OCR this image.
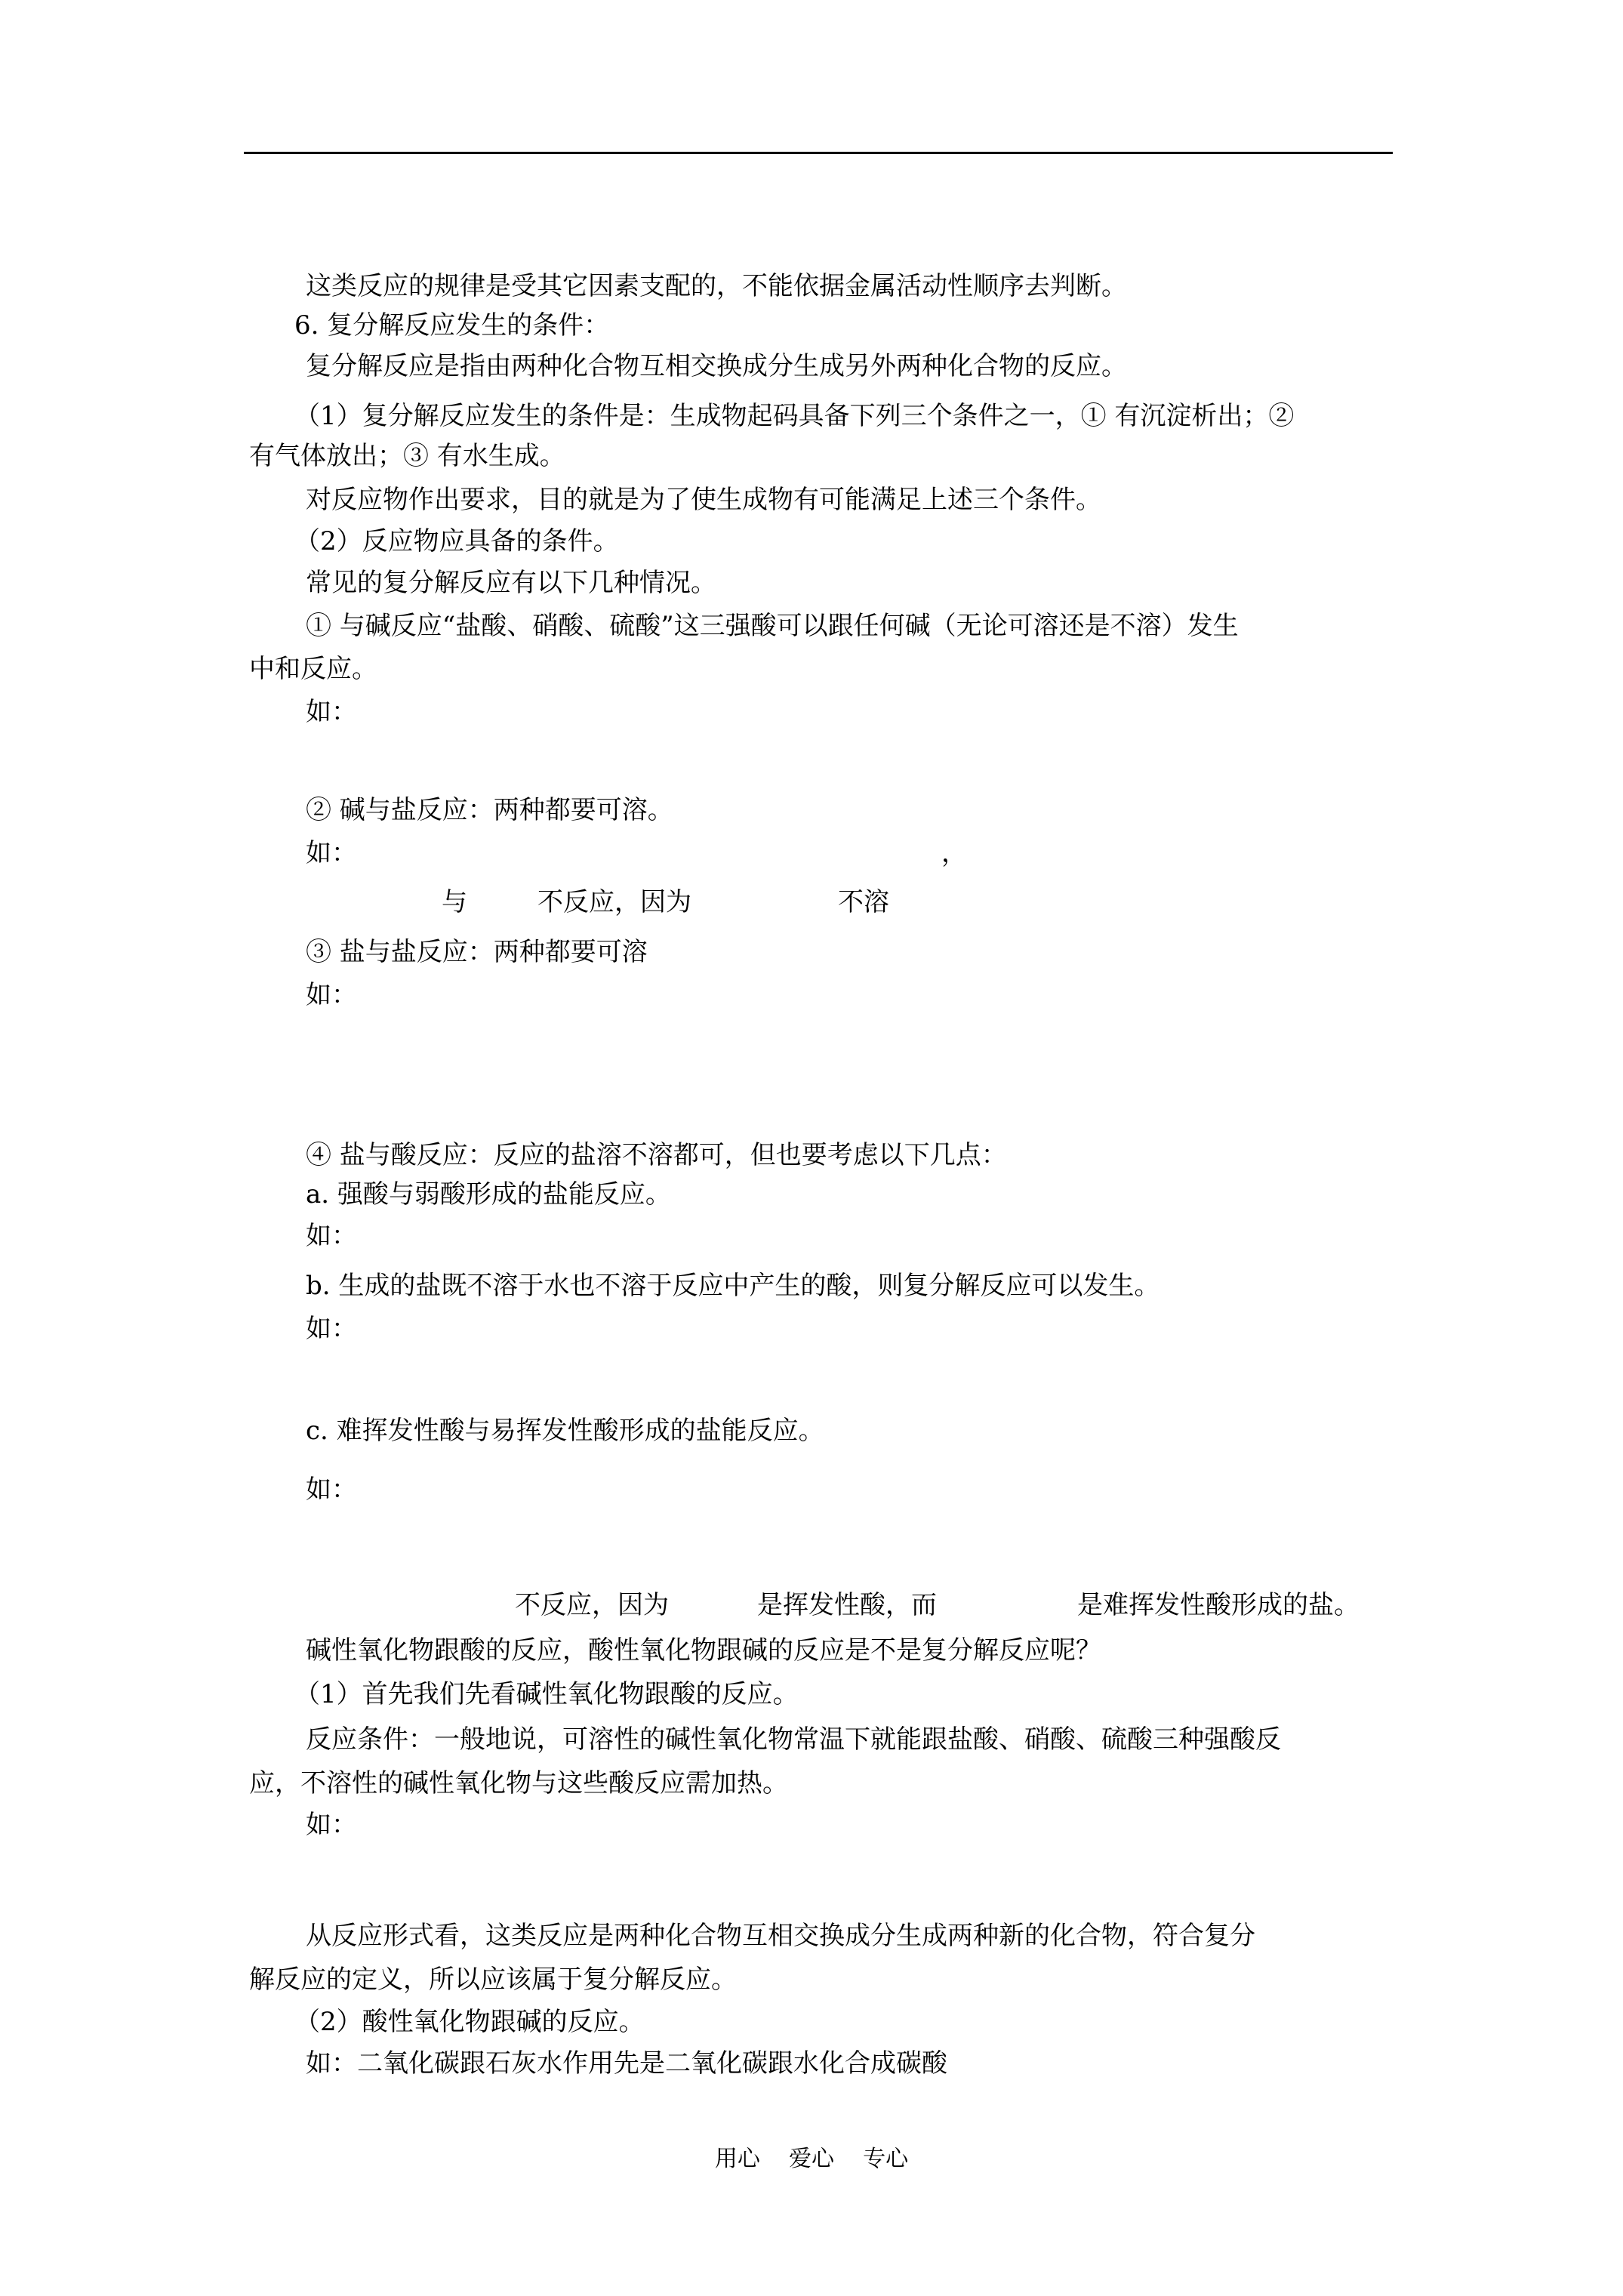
这类反应的规律是受其它因素支配的，不能依据金属活动性顺序去判断。
6. 复分解反应发生的条件：
复分解反应是指由两种化合物互相交换成分生成另外两种化合物的反应。
（1）复分解反应发生的条件是：生成物起码具备下列三个条件之一，① 有沉淀析出；②
有气体放出；③ 有水生成。
对反应物作出要求，目的就是为了使生成物有可能满足上述三个条件。
（2）反应物应具备的条件。
常见的复分解反应有以下几种情况。
① 与碱反应“盐酸、硝酸、硫酸”这三强酸可以跟任何碱（无论可溶还是不溶）发生
中和反应。
如：
② 碱与盐反应：两种都要可溶。
如：	，
与	不反应，因为	不溶
③ 盐与盐反应：两种都要可溶
如：
④ 盐与酸反应：反应的盐溶不溶都可，但也要考虑以下几点：
a. 强酸与弱酸形成的盐能反应。
如：
b. 生成的盐既不溶于水也不溶于反应中产生的酸，则复分解反应可以发生。
如：
c. 难挥发性酸与易挥发性酸形成的盐能反应。
如：
不反应，因为	是挥发性酸，而	是难挥发性酸形成的盐。
碱性氧化物跟酸的反应，酸性氧化物跟碱的反应是不是复分解反应呢？
（1）首先我们先看碱性氧化物跟酸的反应。
反应条件：一般地说，可溶性的碱性氧化物常温下就能跟盐酸、硝酸、硫酸三种强酸反
应，不溶性的碱性氧化物与这些酸反应需加热。
如：
从反应形式看，这类反应是两种化合物互相交换成分生成两种新的化合物，符合复分
解反应的定义，所以应该属于复分解反应。
（2）酸性氧化物跟碱的反应。
如：二氧化碳跟石灰水作用先是二氧化碳跟水化合成碳酸
用心    爱心    专心
